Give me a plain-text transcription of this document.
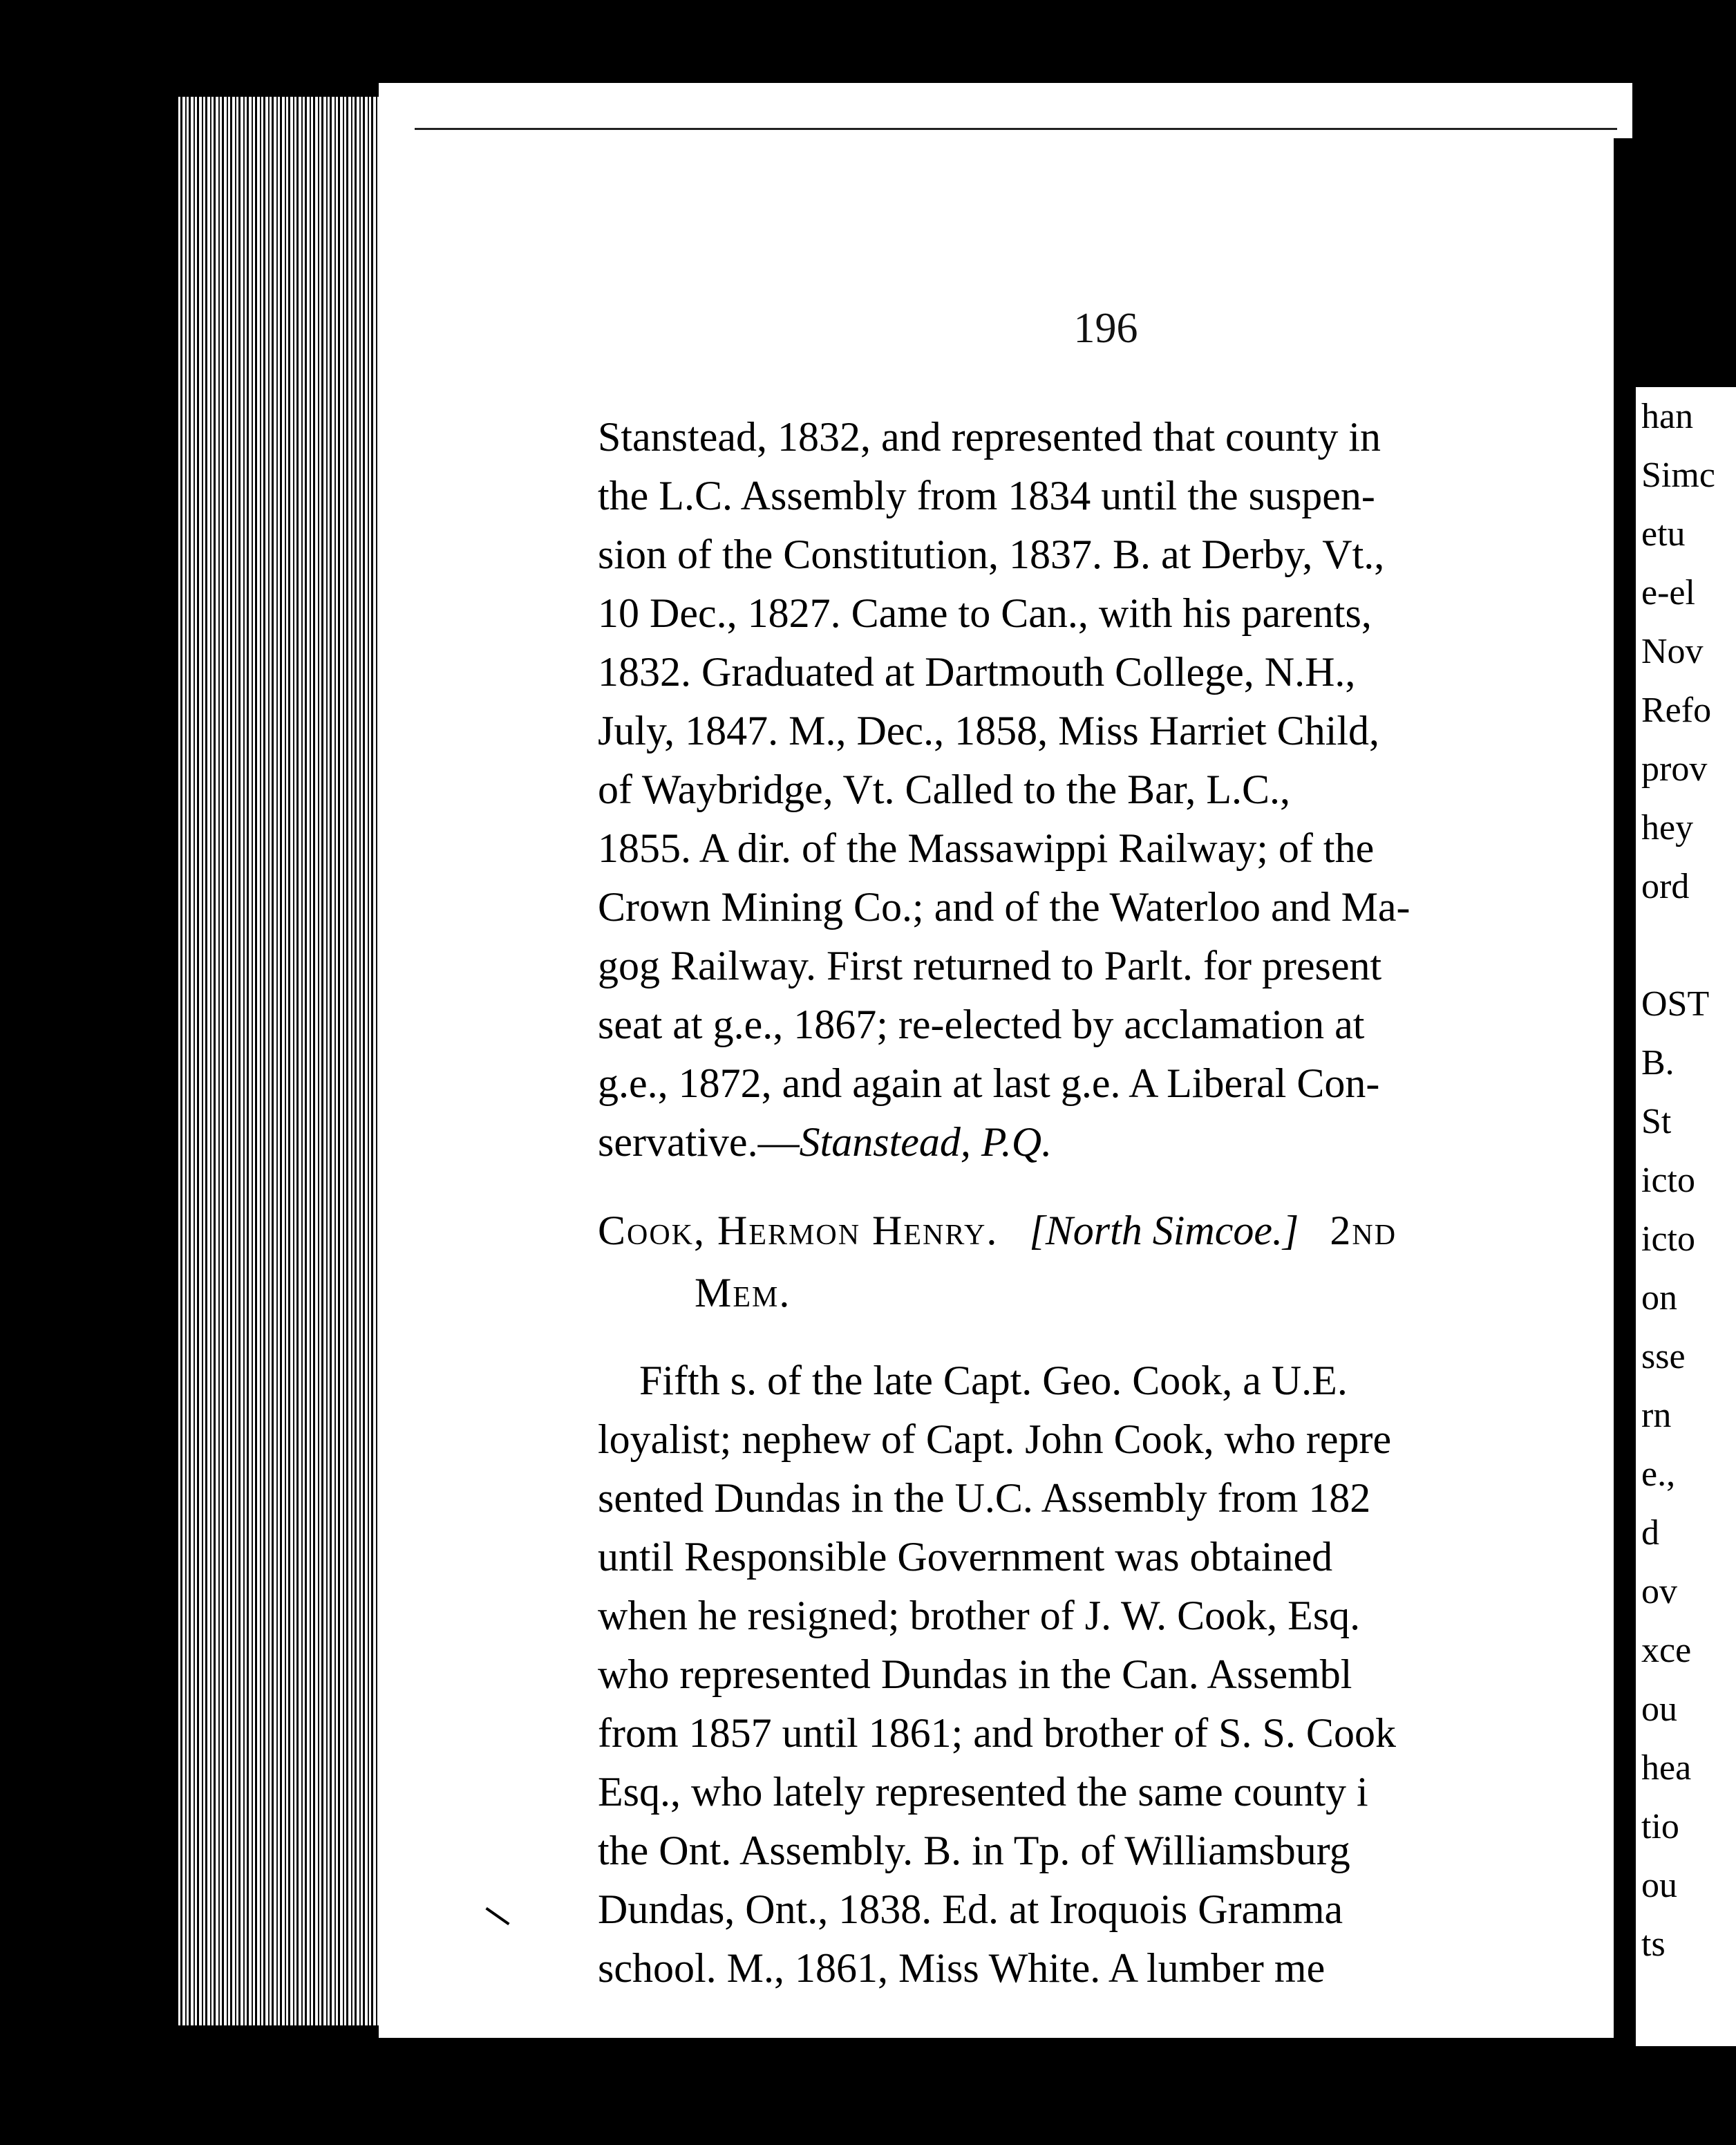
196
Stanstead, 1832, and represented that county in
the L.C. Assembly from 1834 until the suspen-
sion of the Constitution, 1837. B. at Derby, Vt.,
10 Dec., 1827. Came to Can., with his parents,
1832. Graduated at Dartmouth College, N.H.,
July, 1847. M., Dec., 1858, Miss Harriet Child,
of Waybridge, Vt. Called to the Bar, L.C.,
1855. A dir. of the Massawippi Railway; of the
Crown Mining Co.; and of the Waterloo and Ma-
gog Railway. First returned to Parlt. for present
seat at g.e., 1867; re-elected by acclamation at
g.e., 1872, and again at last g.e. A Liberal Con-
servative.—Stanstead, P.Q.
Cook, Hermon Henry. [North Simcoe.] 2nd
Mem.
Fifth s. of the late Capt. Geo. Cook, a U.E.
loyalist; nephew of Capt. John Cook, who repre
sented Dundas in the U.C. Assembly from 182
until Responsible Government was obtained
when he resigned; brother of J. W. Cook, Esq.
who represented Dundas in the Can. Assembl
from 1857 until 1861; and brother of S. S. Cook
Esq., who lately represented the same county i
the Ont. Assembly. B. in Tp. of Williamsburg
Dundas, Ont., 1838. Ed. at Iroquois Gramma
school. M., 1861, Miss White. A lumber me
han
Simc
etu
e-el
Nov
Refo
prov
hey
ord
OST
B.
St
icto
icto
on
sse
rn
e.,
d
ov
xce
ou
hea
tio
ou
ts
